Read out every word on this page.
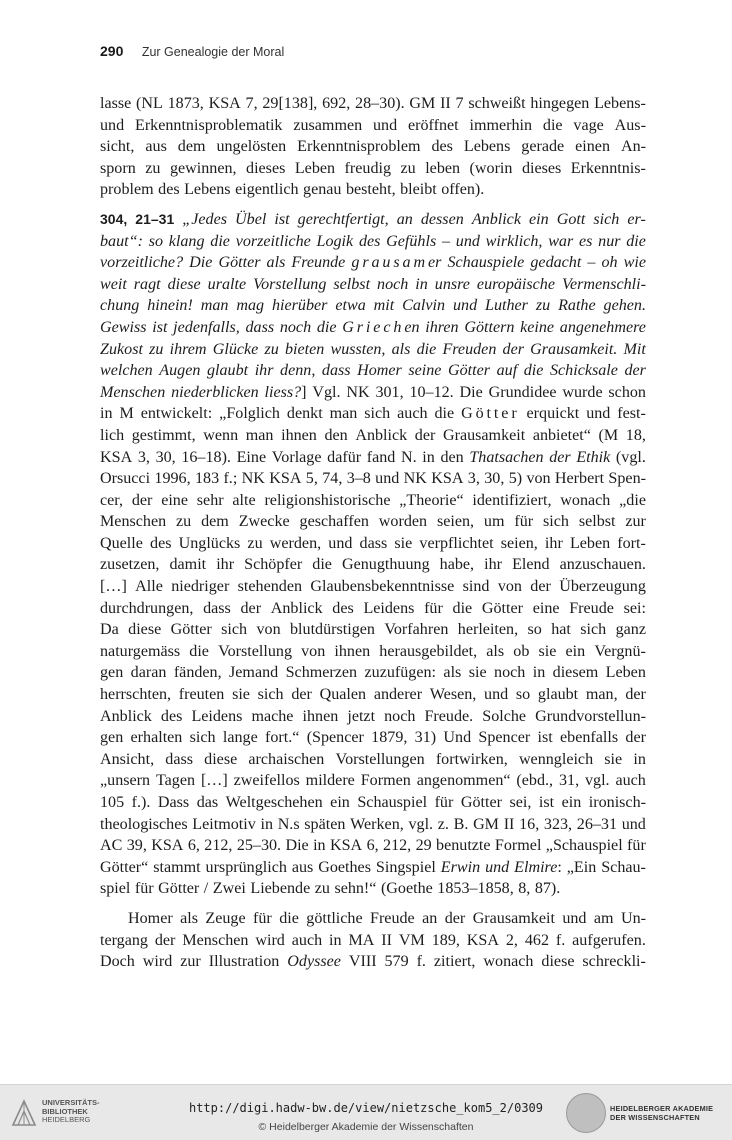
290 Zur Genealogie der Moral
lasse (NL 1873, KSA 7, 29[138], 692, 28–30). GM II 7 schweißt hingegen Lebens-
und Erkenntnisproblematik zusammen und eröffnet immerhin die vage Aus-
sicht, aus dem ungelösten Erkenntnisproblem des Lebens gerade einen An-
sporn zu gewinnen, dieses Leben freudig zu leben (worin dieses Erkenntnis-
problem des Lebens eigentlich genau besteht, bleibt offen).
304, 21–31 „Jedes Übel ist gerechtfertigt, an dessen Anblick ein Gott sich er-
baut“: so klang die vorzeitliche Logik des Gefühls – und wirklich, war es nur die
vorzeitliche? Die Götter als Freunde grausamer Schauspiele gedacht – oh wie
weit ragt diese uralte Vorstellung selbst noch in unsre europäische Vermenschli-
chung hinein! man mag hierüber etwa mit Calvin und Luther zu Rathe gehen.
Gewiss ist jedenfalls, dass noch die Griechen ihren Göttern keine angenehmere
Zukost zu ihrem Glücke zu bieten wussten, als die Freuden der Grausamkeit. Mit
welchen Augen glaubt ihr denn, dass Homer seine Götter auf die Schicksale der
Menschen niederblicken liess?] Vgl. NK 301, 10–12. Die Grundidee wurde schon
in M entwickelt: „Folglich denkt man sich auch die Götter erquickt und fest-
lich gestimmt, wenn man ihnen den Anblick der Grausamkeit anbietet“ (M 18,
KSA 3, 30, 16–18). Eine Vorlage dafür fand N. in den Thatsachen der Ethik (vgl.
Orsucci 1996, 183 f.; NK KSA 5, 74, 3–8 und NK KSA 3, 30, 5) von Herbert Spen-
cer, der eine sehr alte religionshistorische „Theorie“ identifiziert, wonach „die
Menschen zu dem Zwecke geschaffen worden seien, um für sich selbst zur
Quelle des Unglücks zu werden, und dass sie verpflichtet seien, ihr Leben fort-
zusetzen, damit ihr Schöpfer die Genugthuung habe, ihr Elend anzuschauen.
[…] Alle niedriger stehenden Glaubensbekenntnisse sind von der Überzeugung
durchdrungen, dass der Anblick des Leidens für die Götter eine Freude sei:
Da diese Götter sich von blutdürstigen Vorfahren herleiten, so hat sich ganz
naturgemäss die Vorstellung von ihnen herausgebildet, als ob sie ein Vergnü-
gen daran fänden, Jemand Schmerzen zuzufügen: als sie noch in diesem Leben
herrschten, freuten sie sich der Qualen anderer Wesen, und so glaubt man, der
Anblick des Leidens mache ihnen jetzt noch Freude. Solche Grundvorstellun-
gen erhalten sich lange fort.“ (Spencer 1879, 31) Und Spencer ist ebenfalls der
Ansicht, dass diese archaischen Vorstellungen fortwirken, wenngleich sie in
„unsern Tagen […] zweifellos mildere Formen angenommen“ (ebd., 31, vgl. auch
105 f.). Dass das Weltgeschehen ein Schauspiel für Götter sei, ist ein ironisch-
theologisches Leitmotiv in N.s späten Werken, vgl. z. B. GM II 16, 323, 26–31 und
AC 39, KSA 6, 212, 25–30. Die in KSA 6, 212, 29 benutzte Formel „Schauspiel für
Götter“ stammt ursprünglich aus Goethes Singspiel Erwin und Elmire: „Ein Schau-
spiel für Götter / Zwei Liebende zu sehn!“ (Goethe 1853–1858, 8, 87).
Homer als Zeuge für die göttliche Freude an der Grausamkeit und am Un-
tergang der Menschen wird auch in MA II VM 189, KSA 2, 462 f. aufgerufen.
Doch wird zur Illustration Odyssee VIII 579 f. zitiert, wonach diese schreckli-
UNIVERSITÄTS-
BIBLIOTHEK
HEIDELBERG
http://digi.hadw-bw.de/view/nietzsche_kom5_2/0309
© Heidelberger Akademie der Wissenschaften
HEIDELBERGER AKADEMIE
DER WISSENSCHAFTEN
